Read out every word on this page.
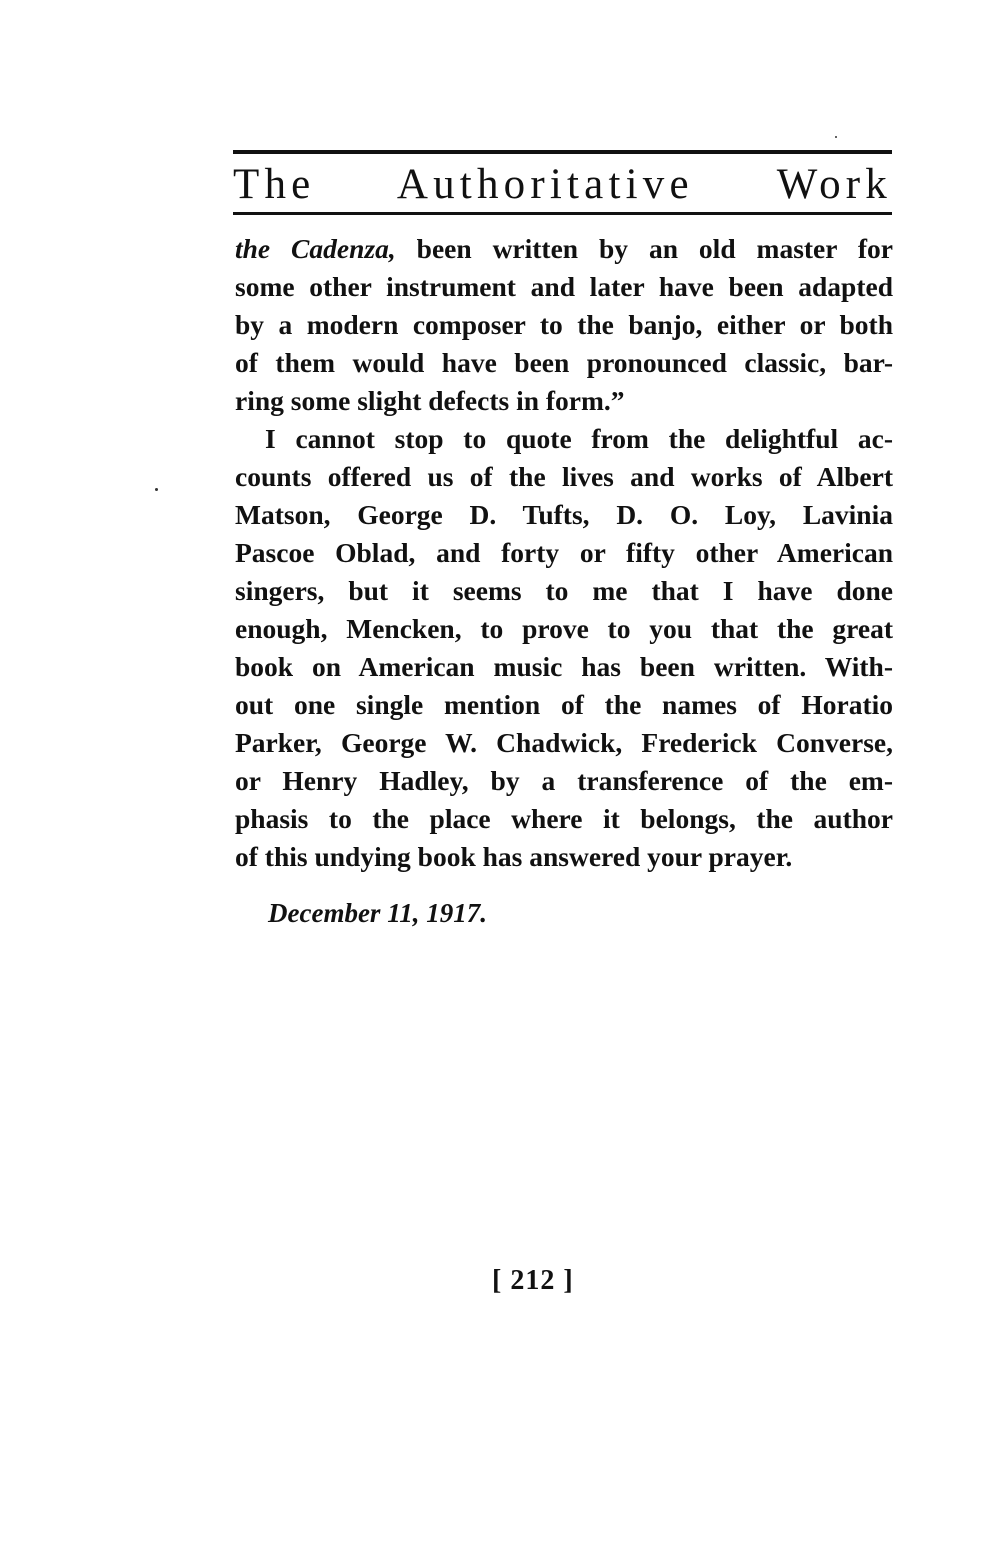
The Authoritative Work
the Cadenza, been written by an old master for
some other instrument and later have been adapted
by a modern composer to the banjo, either or both
of them would have been pronounced classic, bar-
ring some slight defects in form.”
I cannot stop to quote from the delightful ac-
counts offered us of the lives and works of Albert
Matson, George D. Tufts, D. O. Loy, Lavinia
Pascoe Oblad, and forty or fifty other American
singers, but it seems to me that I have done
enough, Mencken, to prove to you that the great
book on American music has been written. With-
out one single mention of the names of Horatio
Parker, George W. Chadwick, Frederick Converse,
or Henry Hadley, by a transference of the em-
phasis to the place where it belongs, the author
of this undying book has answered your prayer.
December 11, 1917.
[ 212 ]
